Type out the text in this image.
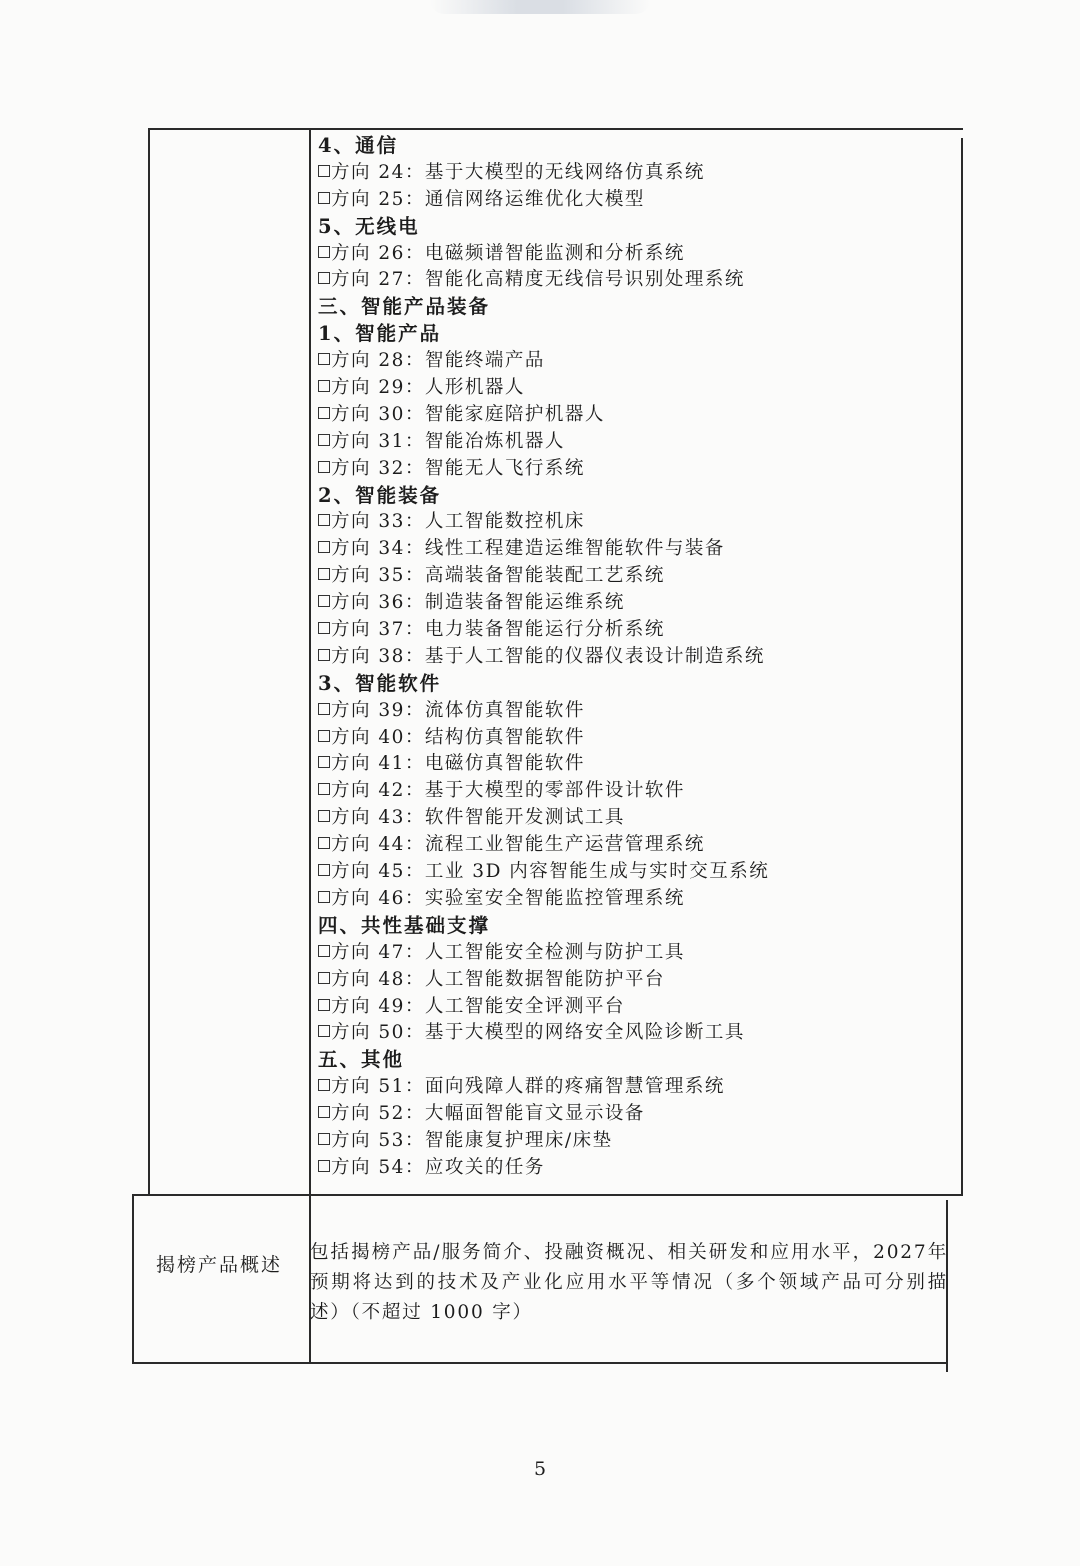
4、通信
方向 24：基于大模型的无线网络仿真系统
方向 25：通信网络运维优化大模型
5、无线电
方向 26：电磁频谱智能监测和分析系统
方向 27：智能化高精度无线信号识别处理系统
三、智能产品装备
1、智能产品
方向 28：智能终端产品
方向 29：人形机器人
方向 30：智能家庭陪护机器人
方向 31：智能冶炼机器人
方向 32：智能无人飞行系统
2、智能装备
方向 33：人工智能数控机床
方向 34：线性工程建造运维智能软件与装备
方向 35：高端装备智能装配工艺系统
方向 36：制造装备智能运维系统
方向 37：电力装备智能运行分析系统
方向 38：基于人工智能的仪器仪表设计制造系统
3、智能软件
方向 39：流体仿真智能软件
方向 40：结构仿真智能软件
方向 41：电磁仿真智能软件
方向 42：基于大模型的零部件设计软件
方向 43：软件智能开发测试工具
方向 44：流程工业智能生产运营管理系统
方向 45：工业 3D 内容智能生成与实时交互系统
方向 46：实验室安全智能监控管理系统
四、共性基础支撑
方向 47：人工智能安全检测与防护工具
方向 48：人工智能数据智能防护平台
方向 49：人工智能安全评测平台
方向 50：基于大模型的网络安全风险诊断工具
五、其他
方向 51：面向残障人群的疼痛智慧管理系统
方向 52：大幅面智能盲文显示设备
方向 53：智能康复护理床/床垫
方向 54：应攻关的任务
揭榜产品概述
包括揭榜产品/服务简介、投融资概况、相关研发和应用水平，2027年预期将达到的技术及产业化应用水平等情况（多个领域产品可分别描述）（不超过 1000 字）
5
